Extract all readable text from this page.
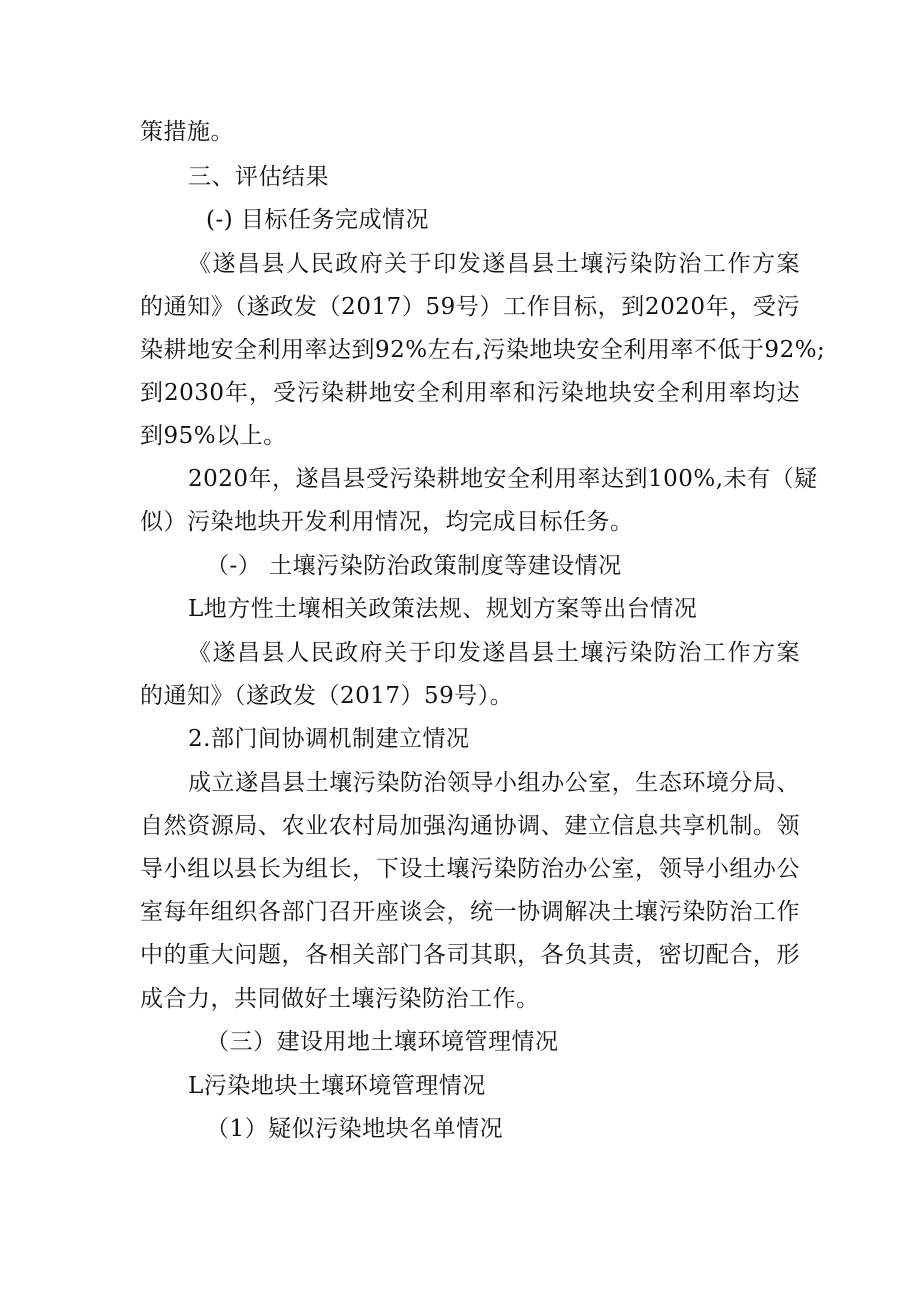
策措施。
三、评估结果
(-) 目标任务完成情况
《遂昌县人民政府关于印发遂昌县土壤污染防治工作方案
的通知》（遂政发（2017）59号）工作目标，到2020年，受污
染耕地安全利用率达到92%左右,污染地块安全利用率不低于92%;
到2030年，受污染耕地安全利用率和污染地块安全利用率均达
到95%以上。
2020年，遂昌县受污染耕地安全利用率达到100%,未有（疑
似）污染地块开发利用情况，均完成目标任务。
（-） 土壤污染防治政策制度等建设情况
L地方性土壤相关政策法规、规划方案等出台情况
《遂昌县人民政府关于印发遂昌县土壤污染防治工作方案
的通知》（遂政发（2017）59号）。
2.部门间协调机制建立情况
成立遂昌县土壤污染防治领导小组办公室，生态环境分局、
自然资源局、农业农村局加强沟通协调、建立信息共享机制。领
导小组以县长为组长，下设土壤污染防治办公室，领导小组办公
室每年组织各部门召开座谈会，统一协调解决土壤污染防治工作
中的重大问题，各相关部门各司其职，各负其责，密切配合，形
成合力，共同做好土壤污染防治工作。
（三）建设用地土壤环境管理情况
L污染地块土壤环境管理情况
（1）疑似污染地块名单情况
